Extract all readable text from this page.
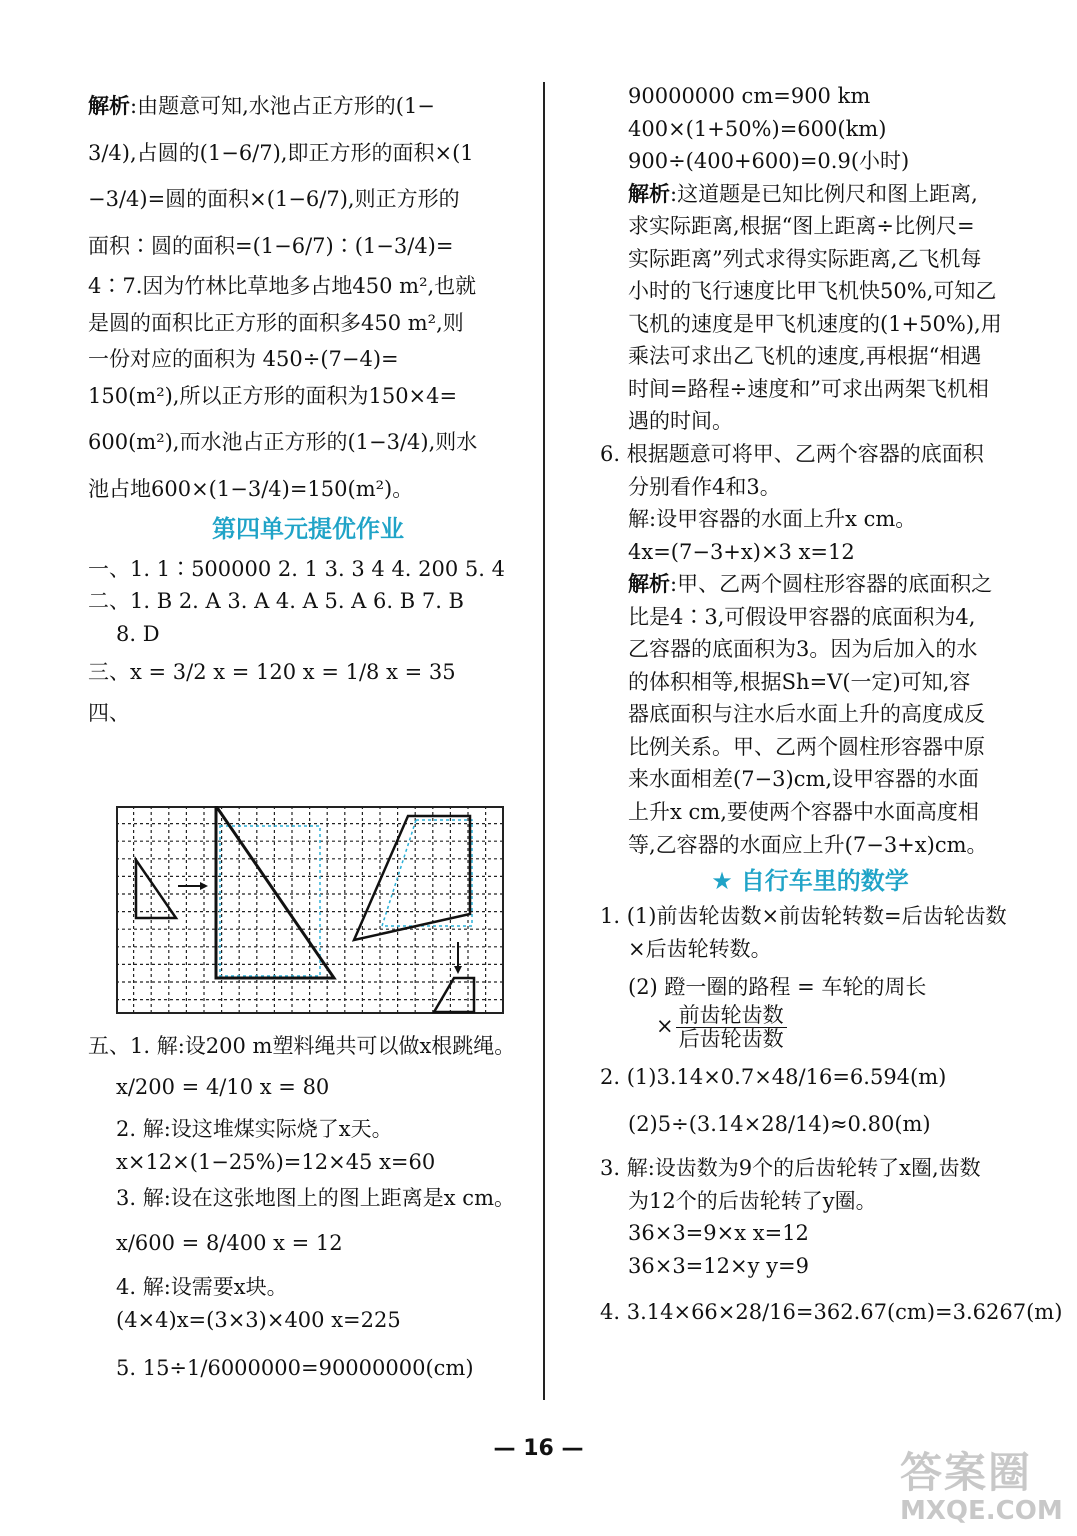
解析:由题意可知,水池占正方形的(1−
3/4),占圆的(1−6/7),即正方形的面积×(1
−3/4)=圆的面积×(1−6/7),则正方形的
面积∶圆的面积=(1−6/7)∶(1−3/4)=
4∶7.因为竹林比草地多占地450 m²,也就
是圆的面积比正方形的面积多450 m²,则
一份对应的面积为 450÷(7−4)=
150(m²),所以正方形的面积为150×4=
600(m²),而水池占正方形的(1−3/4),则水
池占地600×(1−3/4)=150(m²)。
第四单元提优作业
一、1. 1∶500000 2. 1 3. 3 4 4. 200 5. 4
二、1. B 2. A 3. A 4. A 5. A 6. B 7. B
8. D
三、x = 3/2 x = 120 x = 1/8 x = 35
四、
五、1. 解:设200 m塑料绳共可以做x根跳绳。
x/200 = 4/10 x = 80
2. 解:设这堆煤实际烧了x天。
x×12×(1−25%)=12×45 x=60
3. 解:设在这张地图上的图上距离是x cm。
x/600 = 8/400 x = 12
4. 解:设需要x块。
(4×4)x=(3×3)×400 x=225
5. 15÷1/6000000=90000000(cm)
90000000 cm=900 km
400×(1+50%)=600(km)
900÷(400+600)=0.9(小时)
解析:这道题是已知比例尺和图上距离,
求实际距离,根据“图上距离÷比例尺=
实际距离”列式求得实际距离,乙飞机每
小时的飞行速度比甲飞机快50%,可知乙
飞机的速度是甲飞机速度的(1+50%),用
乘法可求出乙飞机的速度,再根据“相遇
时间=路程÷速度和”可求出两架飞机相
遇的时间。
6. 根据题意可将甲、乙两个容器的底面积
分别看作4和3。
解:设甲容器的水面上升x cm。
4x=(7−3+x)×3 x=12
解析:甲、乙两个圆柱形容器的底面积之
比是4∶3,可假设甲容器的底面积为4,
乙容器的底面积为3。因为后加入的水
的体积相等,根据Sh=V(一定)可知,容
器底面积与注水后水面上升的高度成反
比例关系。甲、乙两个圆柱形容器中原
来水面相差(7−3)cm,设甲容器的水面
上升x cm,要使两个容器中水面高度相
等,乙容器的水面应上升(7−3+x)cm。
★ 自行车里的数学
1. (1)前齿轮齿数×前齿轮转数=后齿轮齿数
×后齿轮转数。
(2) 蹬一圈的路程 = 车轮的周长
× $\frac{\text{前齿轮齿数}}{\text{后齿轮齿数}}$
2. (1)3.14×0.7×48/16=6.594(m)
(2)5÷(3.14×28/14)≈0.80(m)
3. 解:设齿数为9个的后齿轮转了x圈,齿数
为12个的后齿轮转了y圈。
36×3=9×x x=12
36×3=12×y y=9
4. 3.14×66×28/16=362.67(cm)=3.6267(m)
— 16 —	答案圈
MXQE.COM
